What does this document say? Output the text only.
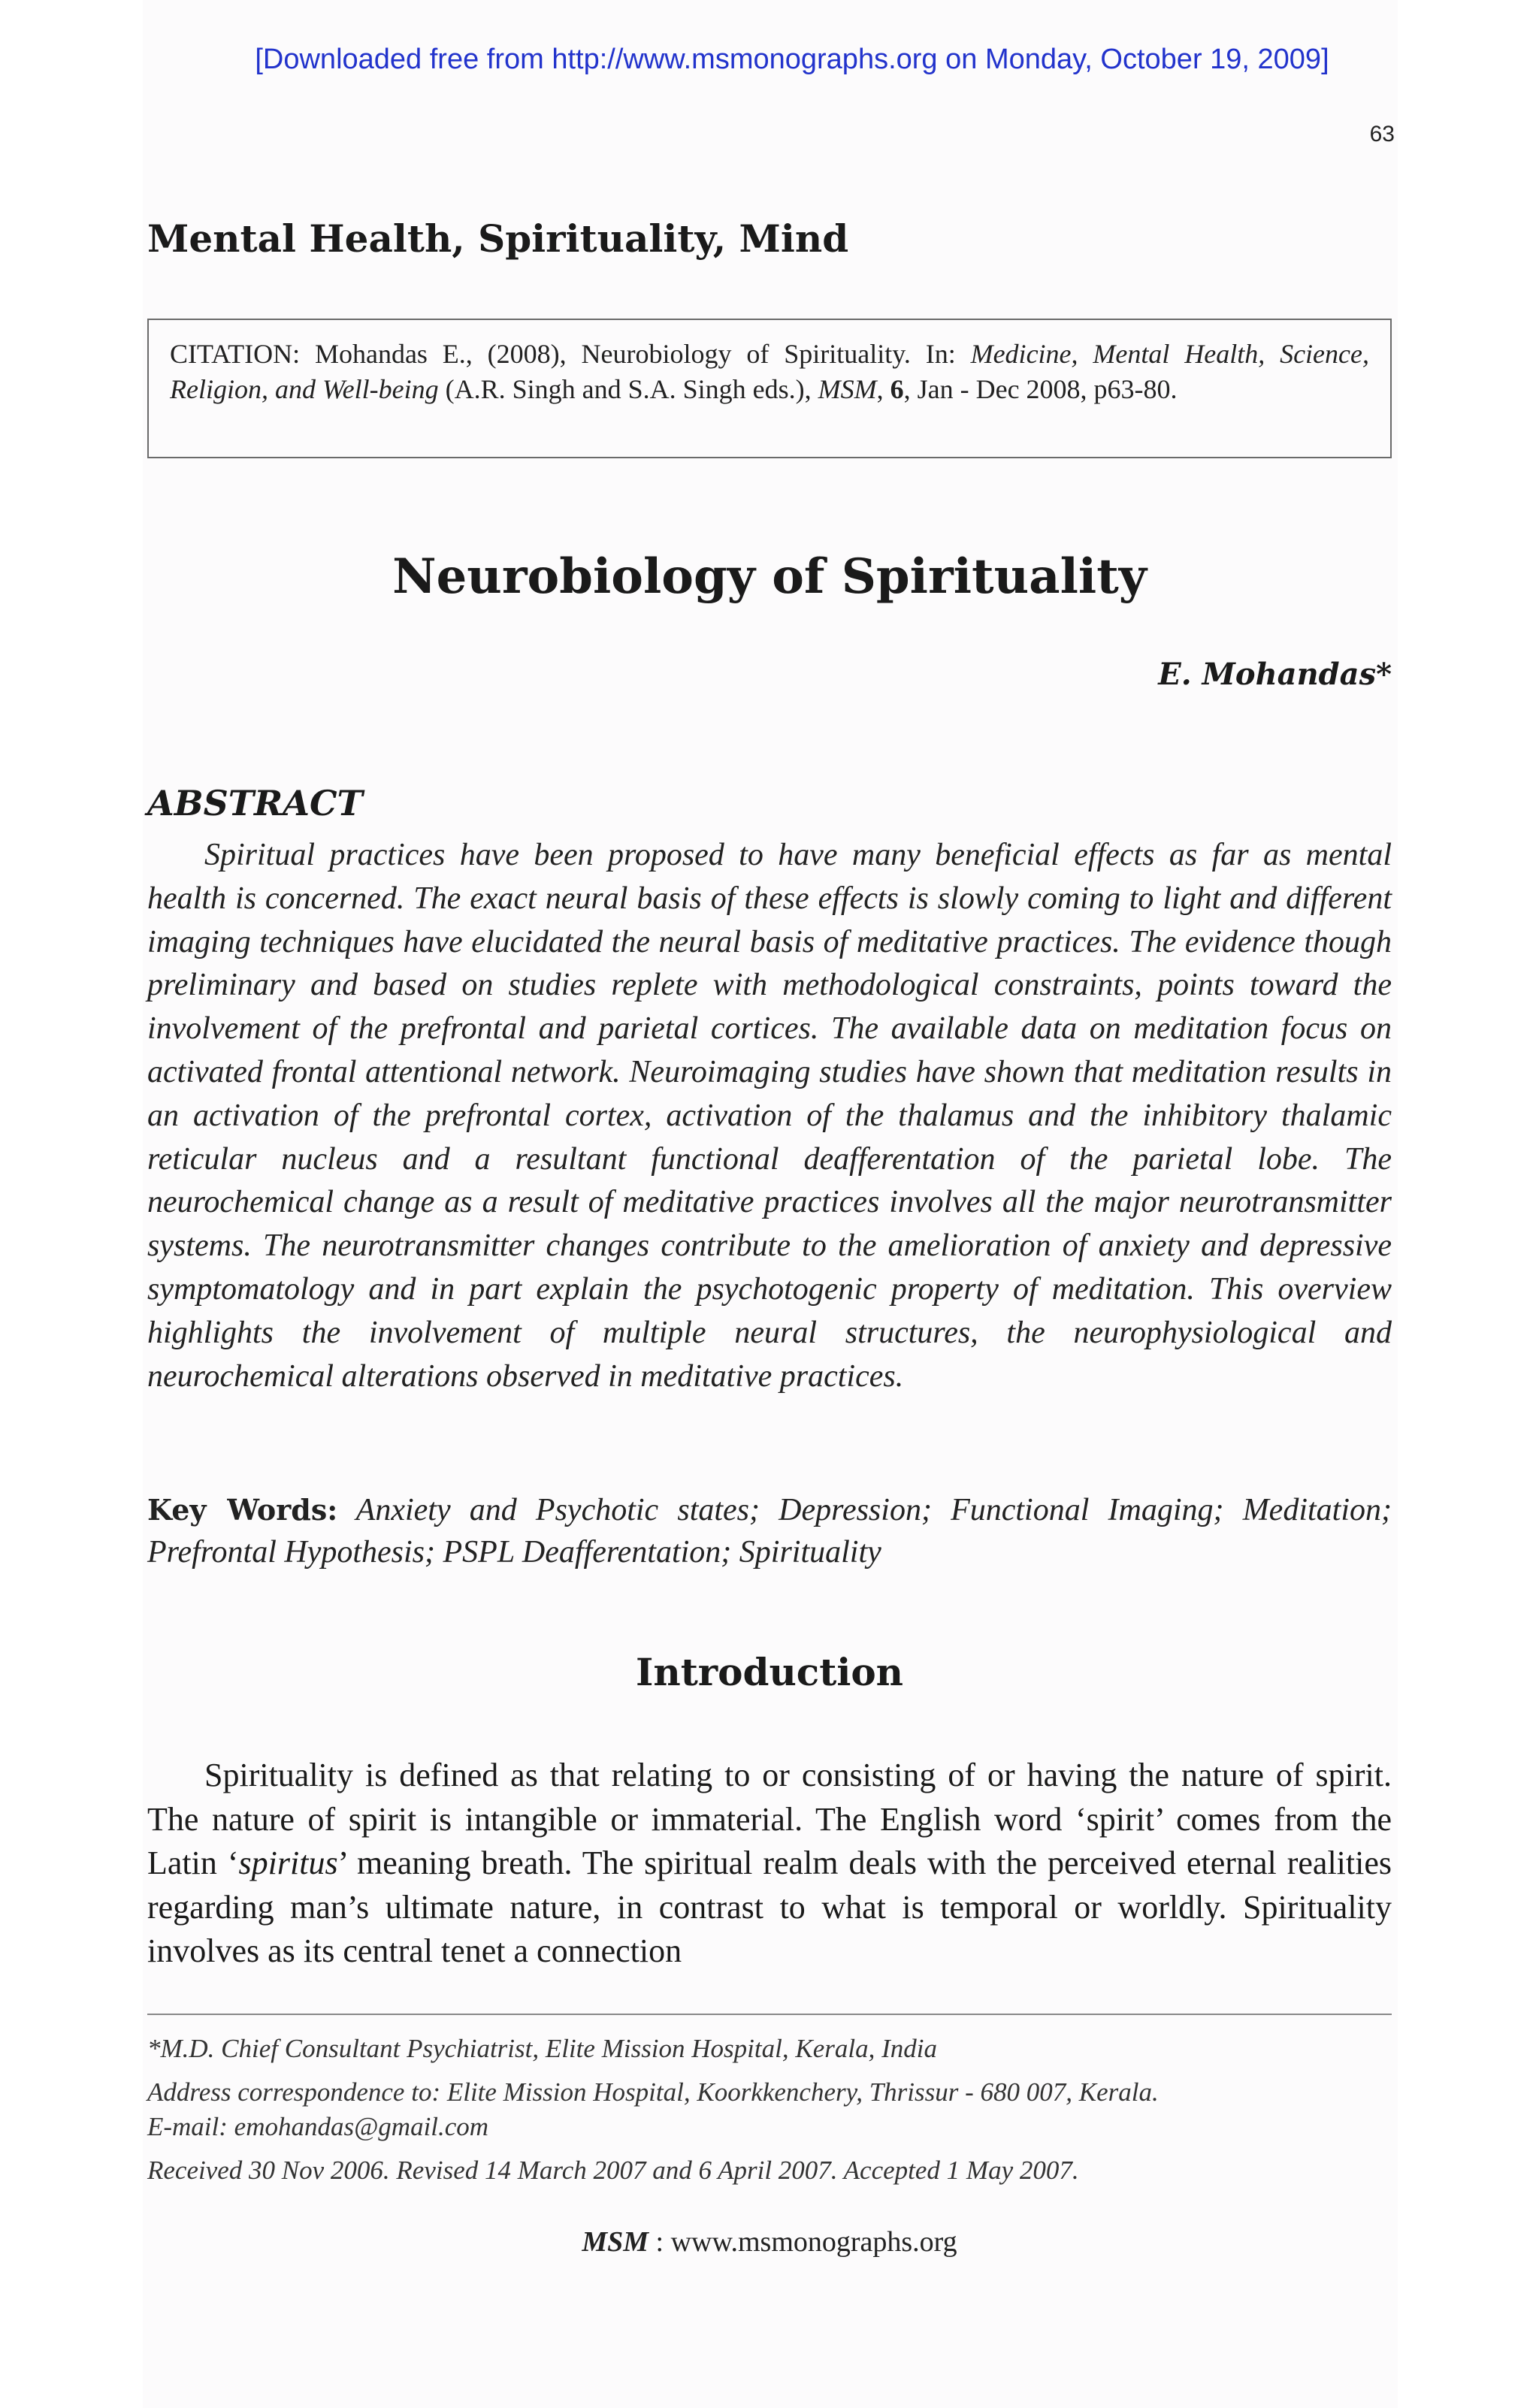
[Downloaded free from http://www.msmonographs.org on Monday, October 19, 2009]
63
Mental Health, Spirituality, Mind
CITATION: Mohandas E., (2008), Neurobiology of Spirituality. In: Medicine, Mental Health, Science, Religion, and Well-being (A.R. Singh and S.A. Singh eds.), MSM, 6, Jan - Dec 2008, p63-80.
Neurobiology of Spirituality
E. Mohandas*
ABSTRACT

Spiritual practices have been proposed to have many beneficial effects as far as mental health is concerned. The exact neural basis of these effects is slowly coming to light and different imaging techniques have elucidated the neural basis of meditative practices. The evidence though preliminary and based on studies replete with methodological constraints, points toward the involvement of the prefrontal and parietal cortices. The available data on meditation focus on activated frontal attentional network. Neuroimaging studies have shown that meditation results in an activation of the prefrontal cortex, activation of the thalamus and the inhibitory thalamic reticular nucleus and a resultant functional deafferentation of the parietal lobe. The neurochemical change as a result of meditative practices involves all the major neurotransmitter systems. The neurotransmitter changes contribute to the amelioration of anxiety and depressive symptomatology and in part explain the psychotogenic property of meditation. This overview highlights the involvement of multiple neural structures, the neurophysiological and neurochemical alterations observed in meditative practices.

Key Words: Anxiety and Psychotic states; Depression; Functional Imaging; Meditation; Prefrontal Hypothesis; PSPL Deafferentation; Spirituality

Introduction

Spirituality is defined as that relating to or consisting of or having the nature of spirit. The nature of spirit is intangible or immaterial. The English word ‘spirit’ comes from the Latin ‘spiritus’ meaning breath. The spiritual realm deals with the perceived eternal realities regarding man’s ultimate nature, in contrast to what is temporal or worldly. Spirituality involves as its central tenet a connection

*M.D. Chief Consultant Psychiatrist, Elite Mission Hospital, Kerala, India

Address correspondence to: Elite Mission Hospital, Koorkkenchery, Thrissur - 680 007, Kerala.

E-mail: emohandas@gmail.com

Received 30 Nov 2006. Revised 14 March 2007 and 6 April 2007. Accepted 1 May 2007.

MSM : www.msmonographs.org
